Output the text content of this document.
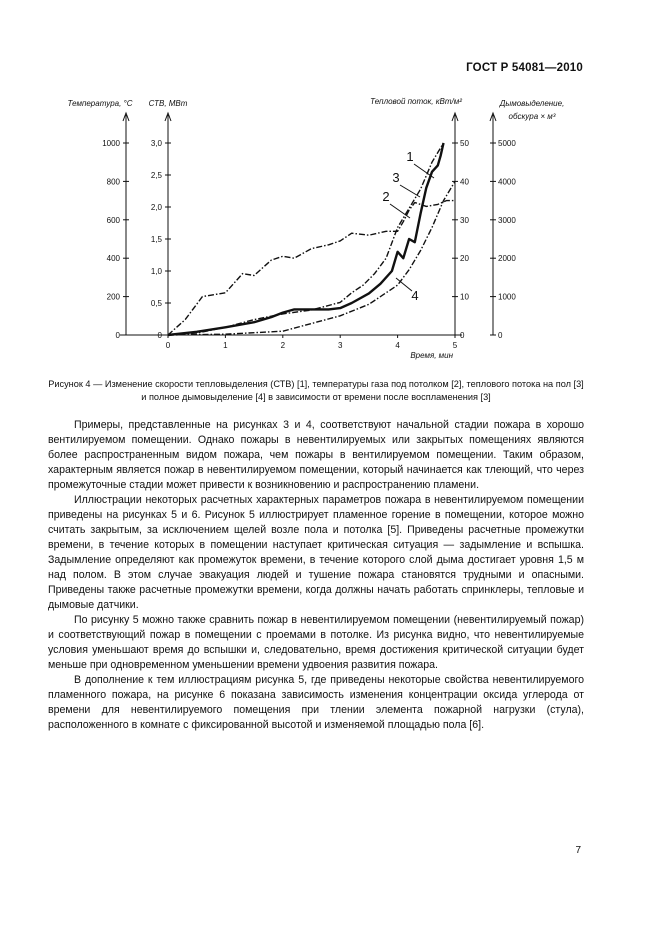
ГОСТ Р 54081—2010
0	1	2	3	4	5
Время, мин
0
200
400
600
800
1000
0
0,5
1,0
1,5
2,0
2,5
3,0
0
10
20
30
40
50
0
1000
2000
3000
4000
5000
Температура, °C СТВ, МВт	Тепловой поток, кВт/м²	Дымовыделение,
обскура × м³
1
2
3
4
Рисунок 4 — Изменение скорости тепловыделения (СТВ) [1], температуры газа под потолком [2], теплового потока на пол [3] и полное дымовыделение [4] в зависимости от времени после воспламенения [3]

Примеры, представленные на рисунках 3 и 4, соответствуют начальной стадии пожара в хорошо вентилируемом помещении. Однако пожары в невентилируемых или закрытых помещениях являются более распространенным видом пожара, чем пожары в вентилируемом помещении. Таким образом, характерным является пожар в невентилируемом помещении, который начинается как тлеющий, что через промежуточные стадии может привести к возникновению и распространению пламени.

Иллюстрации некоторых расчетных характерных параметров пожара в невентилируемом помещении приведены на рисунках 5 и 6. Рисунок 5 иллюстрирует пламенное горение в помещении, которое можно считать закрытым, за исключением щелей возле пола и потолка [5]. Приведены расчетные промежутки времени, в течение которых в помещении наступает критическая ситуация — задымление и вспышка. Задымление определяют как промежуток времени, в течение которого слой дыма достигает уровня 1,5 м над полом. В этом случае эвакуация людей и тушение пожара становятся трудными и опасными. Приведены также расчетные промежутки времени, когда должны начать работать спринклеры, тепловые и дымовые датчики.

По рисунку 5 можно также сравнить пожар в невентилируемом помещении (невентилируемый пожар) и соответствующий пожар в помещении с проемами в потолке. Из рисунка видно, что невентилируемые условия уменьшают время до вспышки и, следовательно, время достижения критической ситуации будет меньше при одновременном уменьшении времени удвоения развития пожара.

В дополнение к тем иллюстрациям рисунка 5, где приведены некоторые свойства невентилируемого пламенного пожара, на рисунке 6 показана зависимость изменения концентрации оксида углерода от времени для невентилируемого помещения при тлении элемента пожарной нагрузки (стула), расположенного в комнате с фиксированной высотой и изменяемой площадью пола [6].

7
